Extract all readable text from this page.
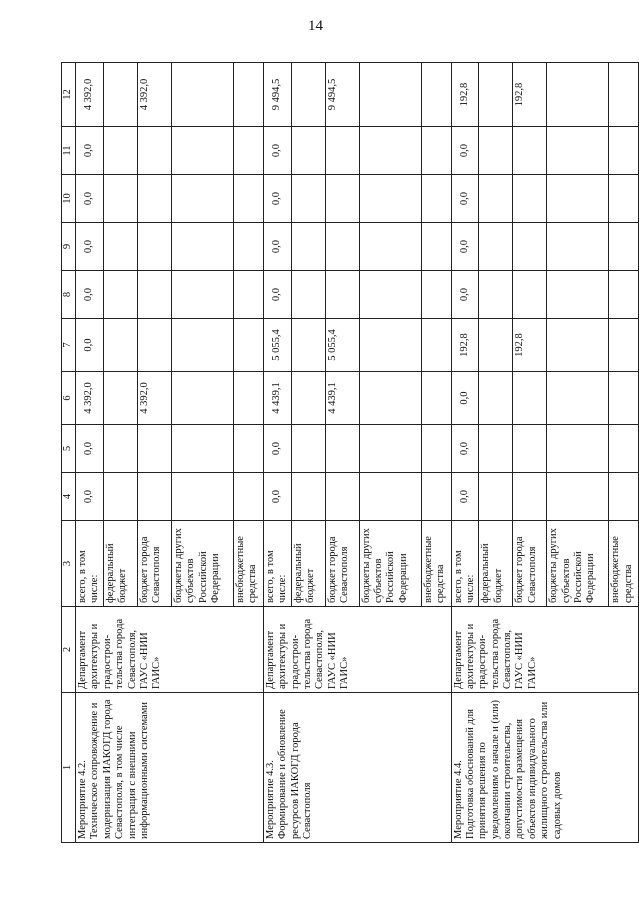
14
1	2	3	4	5	6	7	8	9	10	11	12

Мероприятие 4.2. Техническое сопровождение и модернизация ИАКОГД города Севастополя, в том числе интеграция с внешними информационными системами	Департамент архитектуры и градострои-тельства города Севастополя, ГАУС «НИИ ГАИС»	всего, в том числе:	0,0	0,0	4 392,0	0,0	0,0	0,0	0,0	0,0	4 392,0
		федеральный бюджет									
		бюджет города Севастополя			4 392,0						4 392,0
		бюджеты других субъектов Российской Федерации									
		внебюджетные средства									

Мероприятие 4.3. Формирование и обновление ресурсов ИАКОГД города Севастополя	Департамент архитектуры и градострои-тельства города Севастополя, ГАУС «НИИ ГАИС»	всего, в том числе:	0,0	0,0	4 439,1	5 055,4	0,0	0,0	0,0	0,0	9 494,5
		федеральный бюджет									
		бюджет города Севастополя			4 439,1	5 055,4					9 494,5
		бюджеты других субъектов Российской Федерации									
		внебюджетные средства									

Мероприятие 4.4. Подготовка обоснований для принятия решения по уведомлениям о начале и (или) окончании строительства, допустимости размещения объектов индивидуального жилищного строительства или садовых домов	Департамент архитектуры и градострои-тельства города Севастополя, ГАУС «НИИ ГАИС»	всего, в том числе:	0,0	0,0	0,0	192,8	0,0	0,0	0,0	0,0	192,8
		федеральный бюджет									
		бюджет города Севастополя				192,8					192,8
		бюджеты других субъектов Российской Федерации									
		внебюджетные средства									
